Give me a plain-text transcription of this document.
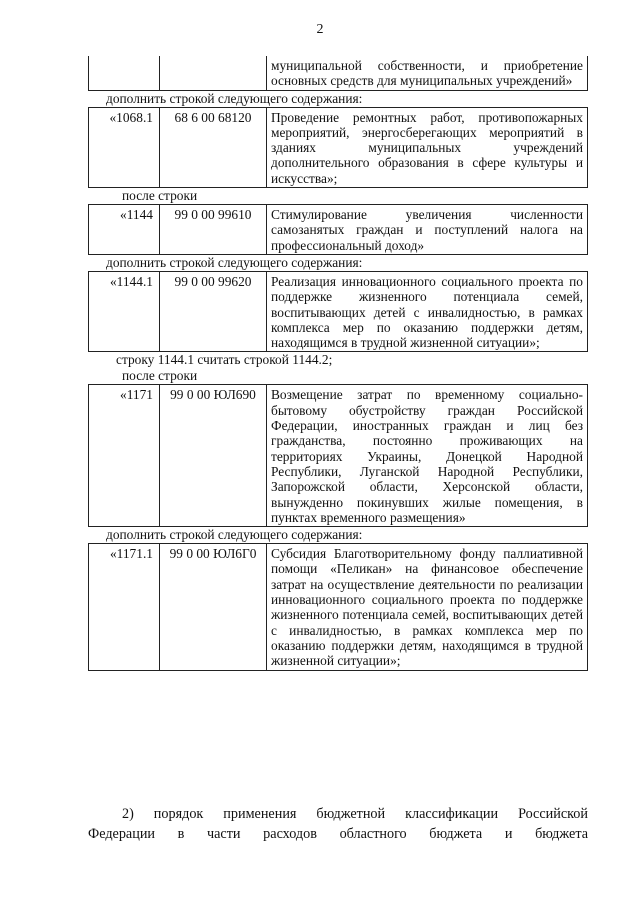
2
		муниципальной собственности, и приобретение основных средств для муниципальных учреждений»
дополнить строкой следующего содержания:
«1068.1	68 6 00 68120	Проведение ремонтных работ, противопожарных мероприятий, энергосберегающих мероприятий в зданиях муниципальных учреждений дополнительного образования в сфере культуры и искусства»;
после строки
«1144	99 0 00 99610	Стимулирование увеличения численности самозанятых граждан и поступлений налога на профессиональный доход»
дополнить строкой следующего содержания:
«1144.1	99 0 00 99620	Реализация инновационного социального проекта по поддержке жизненного потенциала семей, воспитывающих детей с инвалидностью, в рамках комплекса мер по оказанию поддержки детям, находящимся в трудной жизненной ситуации»;
строку 1144.1 считать строкой 1144.2;
после строки
«1171	99 0 00 ЮЛ690	Возмещение затрат по временному социально-бытовому обустройству граждан Российской Федерации, иностранных граждан и лиц без гражданства, постоянно проживающих на территориях Украины, Донецкой Народной Республики, Луганской Народной Республики, Запорожской области, Херсонской области, вынужденно покинувших жилые помещения, в пунктах временного размещения»
дополнить строкой следующего содержания:
«1171.1	99 0 00 ЮЛ6Г0	Субсидия Благотворительному фонду паллиативной помощи «Пеликан» на финансовое обеспечение затрат на осуществление деятельности по реализации инновационного социального проекта по поддержке жизненного потенциала семей, воспитывающих детей с инвалидностью, в рамках комплекса мер по оказанию поддержки детям, находящимся в трудной жизненной ситуации»;
2) порядок применения бюджетной классификации Российской
Федерации в части расходов областного бюджета и бюджета
